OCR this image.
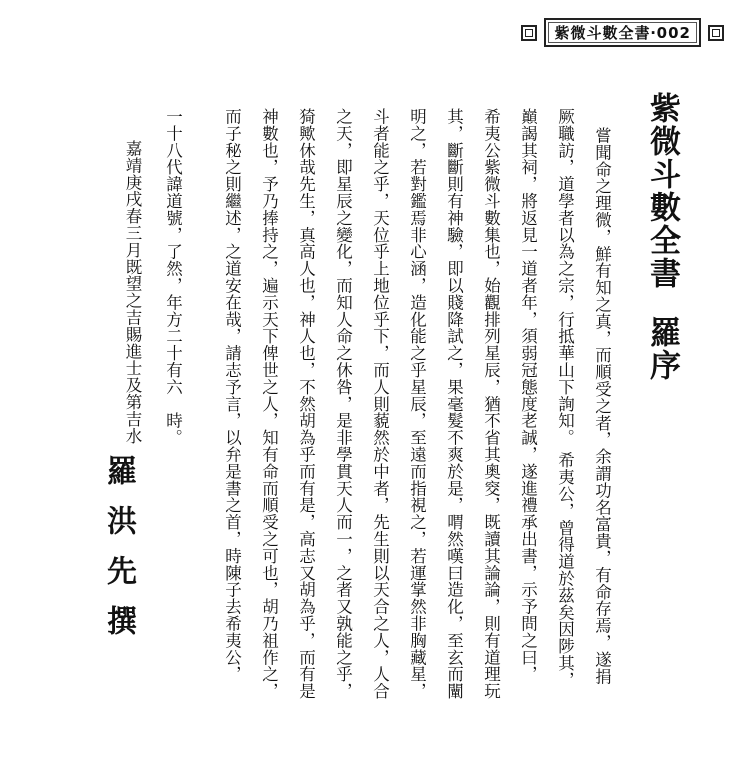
紫微斗數全書‧002
紫微斗數全書羅序
嘗聞命之理微，鮮有知之真，而順受之者，余謂功名富貴，有命存焉，遂捐
厥職訪，道學者以為之宗，行抵華山下詢知。 希夷公，曾得道於茲矣因陟其，
巔謁其祠，將返見一道者年，須弱冠態度老誠，遂進禮承出書，示予問之曰，
希夷公紫微斗數集也，始觀排列星辰，猶不省其奧窔，既讀其論論，則有道理玩
其，斷斷則有神驗，即以賤降試之，果毫髮不爽於是，喟然嘆曰造化，至玄而闡
明之，若對鑑焉非心涵，造化能之乎星辰，至遠而指視之，若運掌然非胸藏星，
斗者能之乎，天位乎上地位乎下，而人則藐然於中者，先生則以天合之人，人合
之天，即星辰之變化，而知人命之休咎，是非學貫天人而一，之者又孰能之乎，
猗歟休哉先生，真高人也，神人也，不然胡為乎而有是，高志又胡為乎，而有是
神數也，予乃捧持之，遍示天下俾世之人，知有命而順受之可也，胡乃祖作之，
而子秘之則繼述，之道安在哉，請志予言，以弁是書之首，時陳子去希夷公，
一十八代諱道號，了然，年方二十有六　時。
嘉靖庚戌春三月既望之吉賜進士及第吉水
羅洪先撰
